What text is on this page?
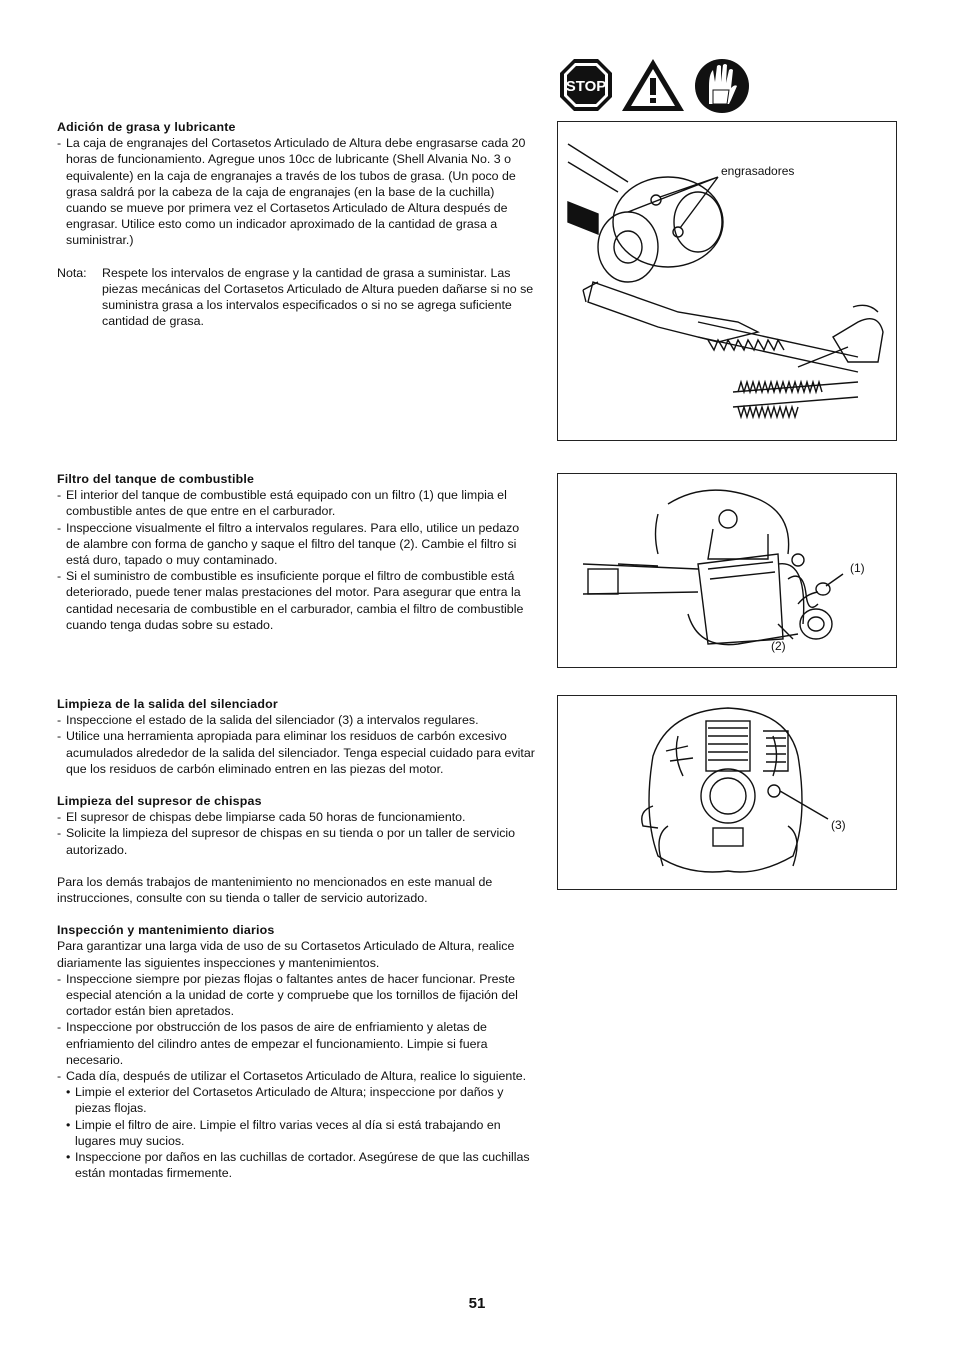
STOP

Adición de grasa y lubricante

- La caja de engranajes del Cortasetos Articulado de Altura debe engrasarse cada 20 horas de funcionamiento. Agregue unos 10cc de lubricante (Shell Alvania No. 3 o equivalente) en la caja de engranajes a través de los tubos de grasa. (Un poco de grasa saldrá por la cabeza de la caja de engranajes (en la base de la cuchilla) cuando se mueve por primera vez el Cortasetos Articulado de Altura después de engrasar. Utilice esto como un indicador aproximado de la cantidad de grasa a suministrar.)
Nota:	Respete los intervalos de engrase y la cantidad de grasa a suministar. Las piezas mecánicas del Cortasetos Articulado de Altura pueden dañarse si no se suministra grasa a los intervalos especificados o si no se agrega suficiente cantidad de grasa.
engrasadores

Filtro del tanque de combustible

- El interior del tanque de combustible está equipado con un filtro (1) que limpia el combustible antes de que entre en el carburador.
- Inspeccione visualmente el filtro a intervalos regulares. Para ello, utilice un pedazo de alambre con forma de gancho y saque el filtro del tanque (2). Cambie el filtro si está duro, tapado o muy contaminado.
- Si el suministro de combustible es insuficiente porque el filtro de combustible está deteriorado, puede tener malas prestaciones del motor. Para asegurar que entra la cantidad necesaria de combustible en el carburador, cambia el filtro de combustible cuando tenga dudas sobre su estado.
(1)
(2)

Limpieza de la salida del silenciador

- Inspeccione el estado de la salida del silenciador (3) a intervalos regulares.
- Utilice una herramienta apropiada para eliminar los residuos de carbón excesivo acumulados alrededor de la salida del silenciador. Tenga especial cuidado para evitar que los residuos de carbón eliminado entren en las piezas del motor.

Limpieza del supresor de chispas

- El supresor de chispas debe limpiarse cada 50 horas de funcionamiento.
- Solicite la limpieza del supresor de chispas en su tienda o por un taller de servicio autorizado.

Para los demás trabajos de mantenimiento no mencionados en este manual de instrucciones, consulte con su tienda o taller de servicio autorizado.

Inspección y mantenimiento diarios

Para garantizar una larga vida de uso de su Cortasetos Articulado de Altura, realice diariamente las siguientes inspecciones y mantenimientos.

- Inspeccione siempre por piezas flojas o faltantes antes de hacer funcionar. Preste especial atención a la unidad de corte y compruebe que los tornillos de fijación del cortador están bien apretados.
- Inspeccione por obstrucción de los pasos de aire de enfriamiento y aletas de enfriamiento del cilindro antes de empezar el funcionamiento. Limpie si fuera necesario.
- Cada día, después de utilizar el Cortasetos Articulado de Altura, realice lo siguiente.
• Limpie el exterior del Cortasetos Articulado de Altura; inspeccione por daños y piezas flojas.
• Limpie el filtro de aire. Limpie el filtro varias veces al día si está trabajando en lugares muy sucios.
• Inspeccione por daños en las cuchillas de cortador. Asegúrese de que las cuchillas están montadas firmemente.
(3)
51
